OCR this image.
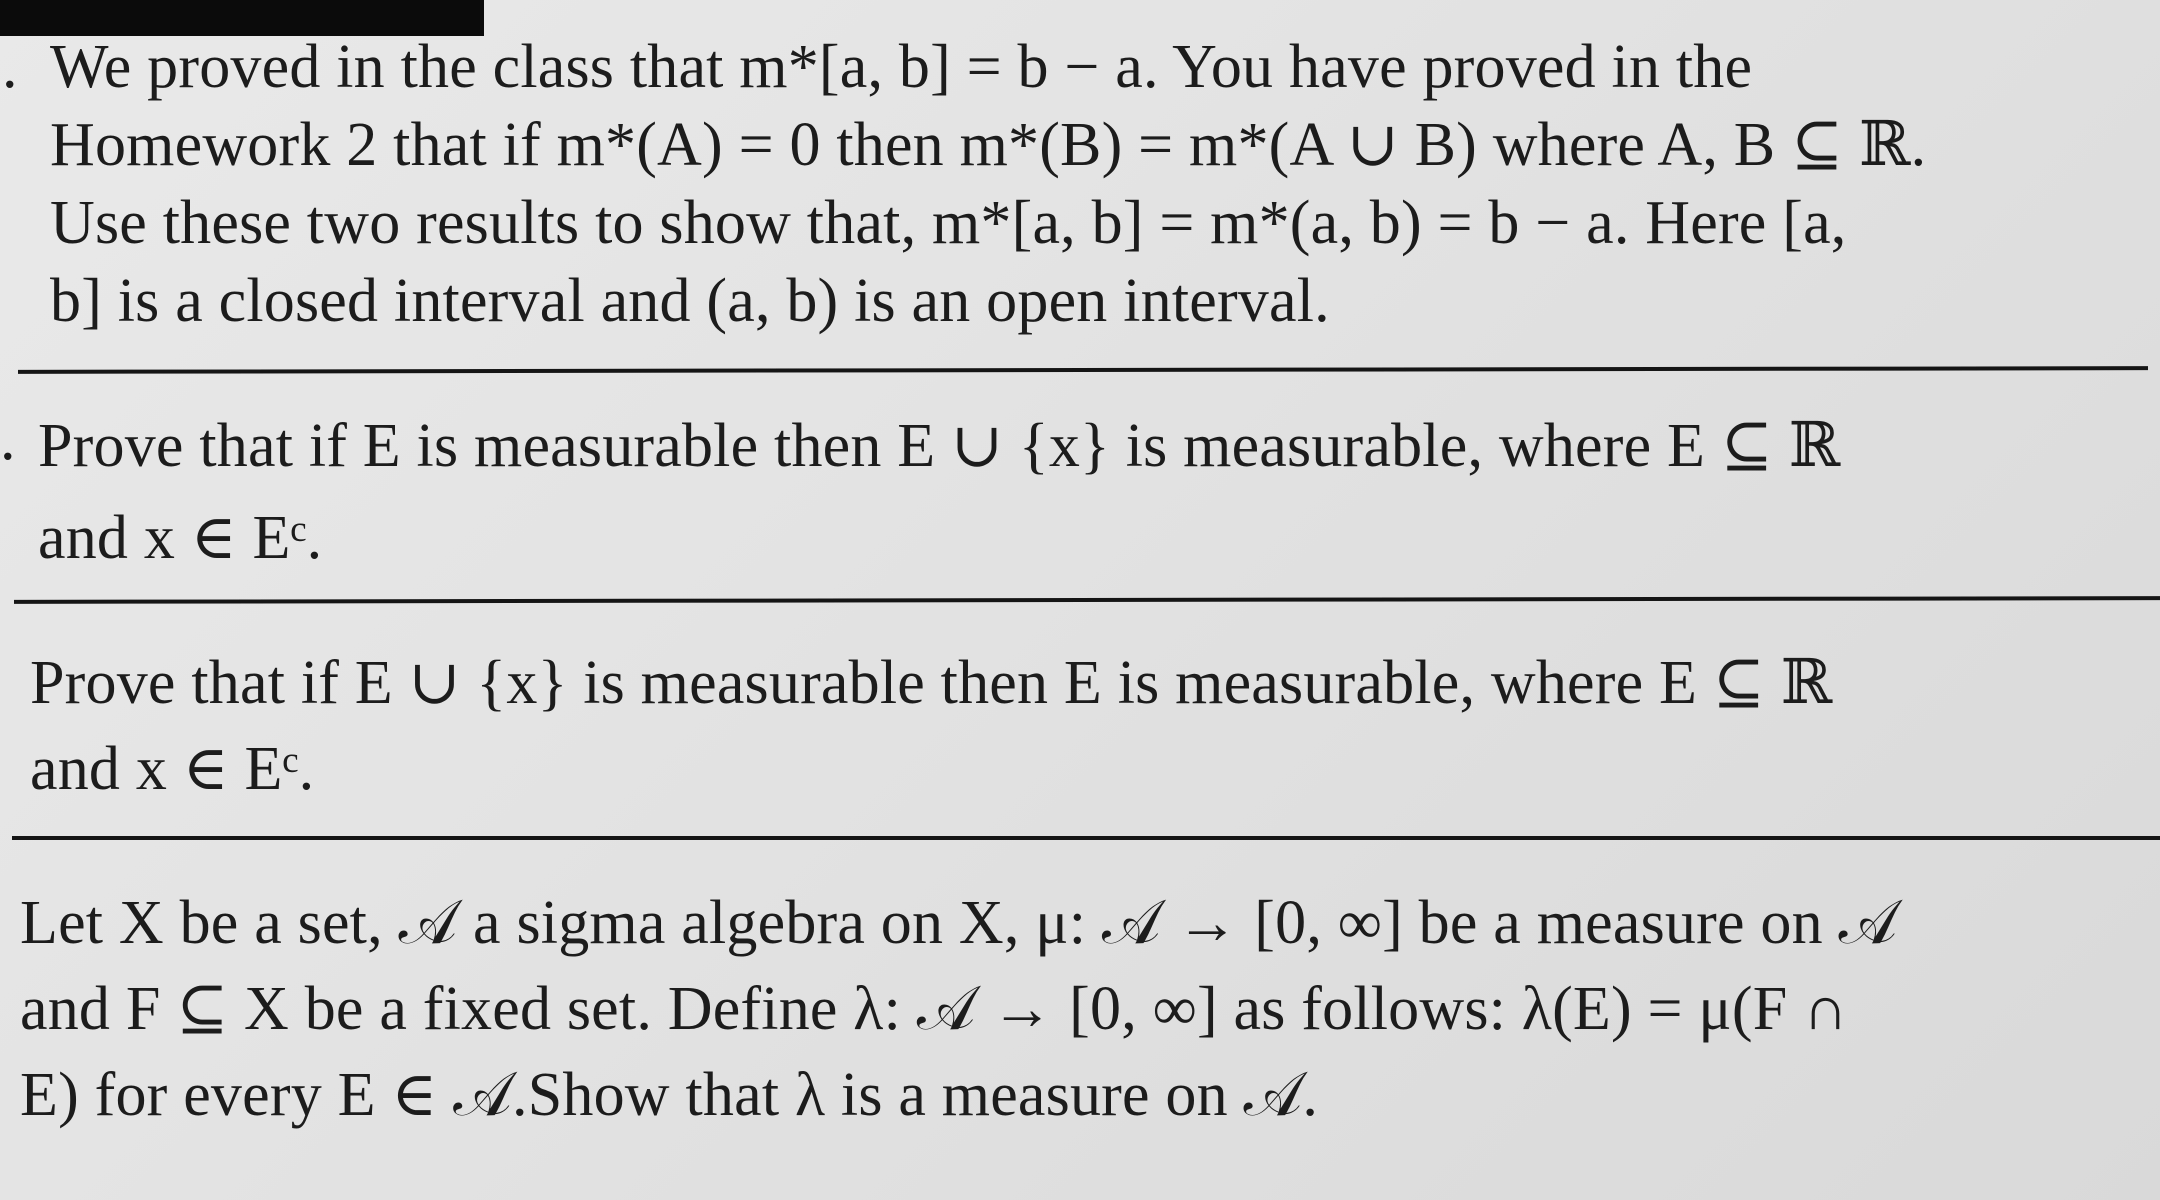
. We proved in the class that m*[a, b] = b − a. You have proved in the

Homework 2 that if m*(A) = 0 then m*(B) = m*(A ∪ B) where A, B ⊆ ℝ.

Use these two results to show that, m*[a, b] = m*(a, b) = b − a. Here [a,

b] is a closed interval and (a, b) is an open interval.

. Prove that if E is measurable then E ∪ {x} is measurable, where E ⊆ ℝ

and x ∈ Eᶜ.

Prove that if E ∪ {x} is measurable then E is measurable, where E ⊆ ℝ

and x ∈ Eᶜ.

Let X be a set, 𝒜 a sigma algebra on X, μ: 𝒜 → [0, ∞] be a measure on 𝒜

and F ⊆ X be a fixed set. Define λ: 𝒜 → [0, ∞] as follows: λ(E) = μ(F ∩

E) for every E ∈ 𝒜.Show that λ is a measure on 𝒜.
